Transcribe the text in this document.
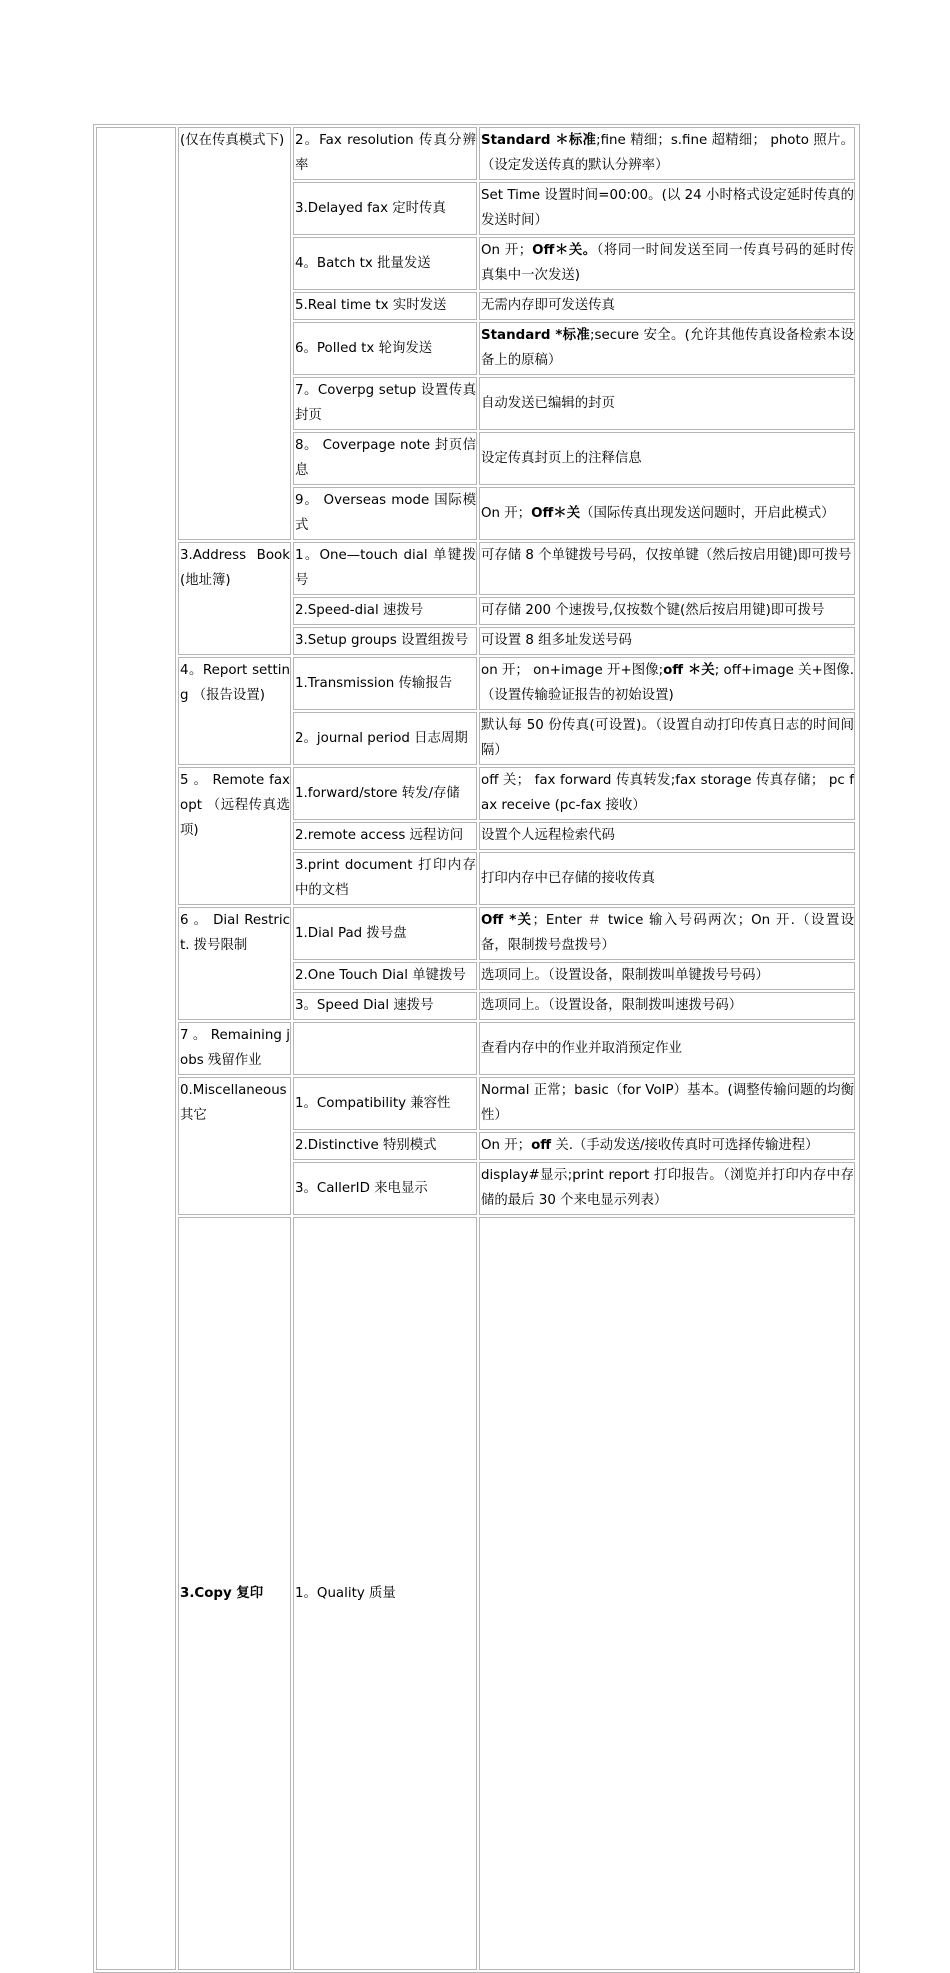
	(仅在传真模式下)	2。Fax resolution 传真分辨率	Standard ＊标准;fine 精细；s.fine 超精细； photo 照片。（设定发送传真的默认分辨率）	
		3.Delayed fax 定时传真	Set Time 设置时间=00:00。(以 24 小时格式设定延时传真的发送时间）	
		4。Batch tx 批量发送	On 开；Off＊关。（将同一时间发送至同一传真号码的延时传真集中一次发送)	
		5.Real time tx 实时发送	无需内存即可发送传真	
		6。Polled tx 轮询发送	Standard *标准;secure 安全。(允许其他传真设备检索本设备上的原稿）	
		7。Coverpg setup 设置传真封页	自动发送已编辑的封页	
		8。 Coverpage note 封页信息	设定传真封页上的注释信息	
		9。 Overseas mode 国际模式	On 开；Off＊关（国际传真出现发送问题时，开启此模式）	
	3.Address Book (地址簿)	1。One—touch dial 单键拨号	可存储 8 个单键拨号号码，仅按单键（然后按启用键)即可拨号	
		2.Speed-dial 速拨号	可存储 200 个速拨号,仅按数个键(然后按启用键)即可拨号	
		3.Setup groups 设置组拨号	可设置 8 组多址发送号码	
	4。Report setting （报告设置)	1.Transmission 传输报告	on 开； on+image 开+图像;off ＊关; off+image 关+图像.（设置传输验证报告的初始设置)	
		2。journal period 日志周期	默认每 50 份传真(可设置)。（设置自动打印传真日志的时间间隔）	
	5 。 Remote fax opt （远程传真选项)	1.forward/store 转发/存储	off 关； fax forward 传真转发;fax storage 传真存储； pc fax receive (pc-fax 接收）	
		2.remote access 远程访问	设置个人远程检索代码	
		3.print document 打印内存中的文档	打印内存中已存储的接收传真	
	6 。 Dial Restrict. 拨号限制	1.Dial Pad 拨号盘	Off *关；Enter ＃ twice 输入号码两次；On 开.（设置设备，限制拨号盘拨号）	
		2.One Touch Dial 单键拨号	选项同上。（设置设备，限制拨叫单键拨号号码）	
		3。Speed Dial 速拨号	选项同上。（设置设备，限制拨叫速拨号码）	
	7 。 Remaining jobs 残留作业		查看内存中的作业并取消预定作业	
	0.Miscellaneous 其它	1。Compatibility 兼容性	Normal 正常；basic（for VoIP）基本。(调整传输问题的均衡性）	
		2.Distinctive 特别模式	On 开；off 关.（手动发送/接收传真时可选择传输进程）	
		3。CallerID 来电显示	display#显示;print report 打印报告。（浏览并打印内存中存储的最后 30 个来电显示列表）	
	3.Copy 复印	1。Quality 质量		
